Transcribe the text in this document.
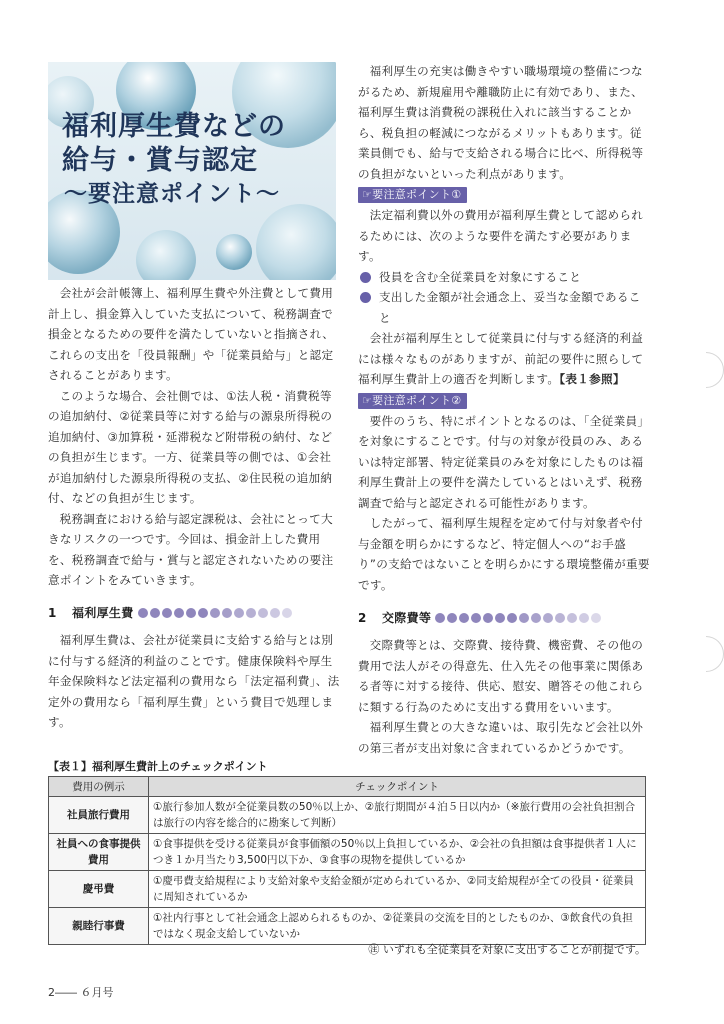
福利厚生費などの
給与・賞与認定
〜要注意ポイント〜

会社が会計帳簿上、福利厚生費や外注費として費用計上し、損金算入していた支払について、税務調査で損金となるための要件を満たしていないと指摘され、これらの支出を「役員報酬」や「従業員給与」と認定されることがあります。

このような場合、会社側では、①法人税・消費税等の追加納付、②従業員等に対する給与の源泉所得税の追加納付、③加算税・延滞税など附帯税の納付、などの負担が生じます。一方、従業員等の側では、①会社が追加納付した源泉所得税の支払、②住民税の追加納付、などの負担が生じます。

税務調査における給与認定課税は、会社にとって大きなリスクの一つです。今回は、損金計上した費用を、税務調査で給与・賞与と認定されないための要注意ポイントをみていきます。

1	福利厚生費

福利厚生費は、会社が従業員に支給する給与とは別に付与する経済的利益のことです。健康保険料や厚生年金保険料など法定福利の費用なら「法定福利費」、法定外の費用なら「福利厚生費」という費目で処理します。

福利厚生の充実は働きやすい職場環境の整備につながるため、新規雇用や離職防止に有効であり、また、福利厚生費は消費税の課税仕入れに該当することから、税負担の軽減につながるメリットもあります。従業員側でも、給与で支給される場合に比べ、所得税等の負担がないといった利点があります。

☞要注意ポイント①

法定福利費以外の費用が福利厚生費として認められるためには、次のような要件を満たす必要があります。

役員を含む全従業員を対象にすること
支出した金額が社会通念上、妥当な金額であること

会社が福利厚生として従業員に付与する経済的利益には様々なものがありますが、前記の要件に照らして福利厚生費計上の適否を判断します。【表１参照】

☞要注意ポイント②

要件のうち、特にポイントとなるのは、「全従業員」を対象にすることです。付与の対象が役員のみ、あるいは特定部署、特定従業員のみを対象にしたものは福利厚生費計上の要件を満たしているとはいえず、税務調査で給与と認定される可能性があります。

したがって、福利厚生規程を定めて付与対象者や付与金額を明らかにするなど、特定個人への“お手盛り”の支給ではないことを明らかにする環境整備が重要です。

2	交際費等

交際費等とは、交際費、接待費、機密費、その他の費用で法人がその得意先、仕入先その他事業に関係ある者等に対する接待、供応、慰安、贈答その他これらに類する行為のために支出する費用をいいます。

福利厚生費との大きな違いは、取引先など会社以外の第三者が支出対象に含まれているかどうかです。

【表１】福利厚生費計上のチェックポイント
費用の例示	チェックポイント
社員旅行費用	①旅行参加人数が全従業員数の50％以上か、②旅行期間が４泊５日以内か（※旅行費用の会社負担割合は旅行の内容を総合的に勘案して判断）
社員への食事提供費用	①食事提供を受ける従業員が食事価額の50％以上負担しているか、②会社の負担額は食事提供者１人につき１か月当たり3,500円以下か、③食事の現物を提供しているか
慶弔費	①慶弔費支給規程により支給対象や支給金額が定められているか、②同支給規程が全ての役員・従業員に周知されているか
親睦行事費	①社内行事として社会通念上認められるものか、②従業員の交流を目的としたものか、③飲食代の負担ではなく現金支給していないか
㊟ いずれも全従業員を対象に支出することが前提です。
2―― ６月号
